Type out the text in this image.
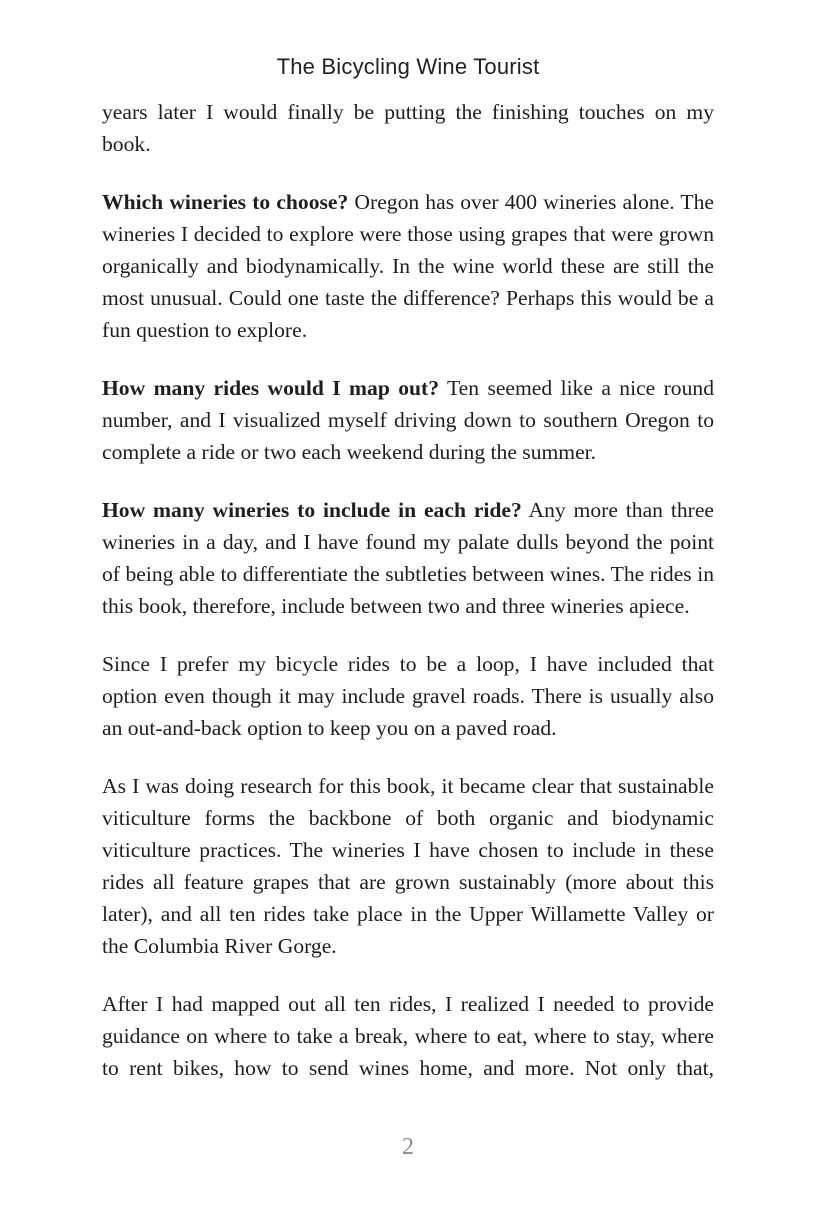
The Bicycling Wine Tourist

years later I would finally be putting the finishing touches on my book.

Which wineries to choose? Oregon has over 400 wineries alone. The wineries I decided to explore were those using grapes that were grown organically and biodynamically. In the wine world these are still the most unusual. Could one taste the difference? Perhaps this would be a fun question to explore.

How many rides would I map out? Ten seemed like a nice round number, and I visualized myself driving down to southern Oregon to complete a ride or two each weekend during the summer.

How many wineries to include in each ride? Any more than three wineries in a day, and I have found my palate dulls beyond the point of being able to differentiate the subtleties between wines. The rides in this book, therefore, include between two and three wineries apiece.

Since I prefer my bicycle rides to be a loop, I have included that option even though it may include gravel roads. There is usually also an out-and-back option to keep you on a paved road.

As I was doing research for this book, it became clear that sustainable viticulture forms the backbone of both organic and biodynamic viticulture practices. The wineries I have chosen to include in these rides all feature grapes that are grown sustainably (more about this later), and all ten rides take place in the Upper Willamette Valley or the Columbia River Gorge.

After I had mapped out all ten rides, I realized I needed to provide guidance on where to take a break, where to eat, where to stay, where to rent bikes, how to send wines home, and more. Not only that,

2
